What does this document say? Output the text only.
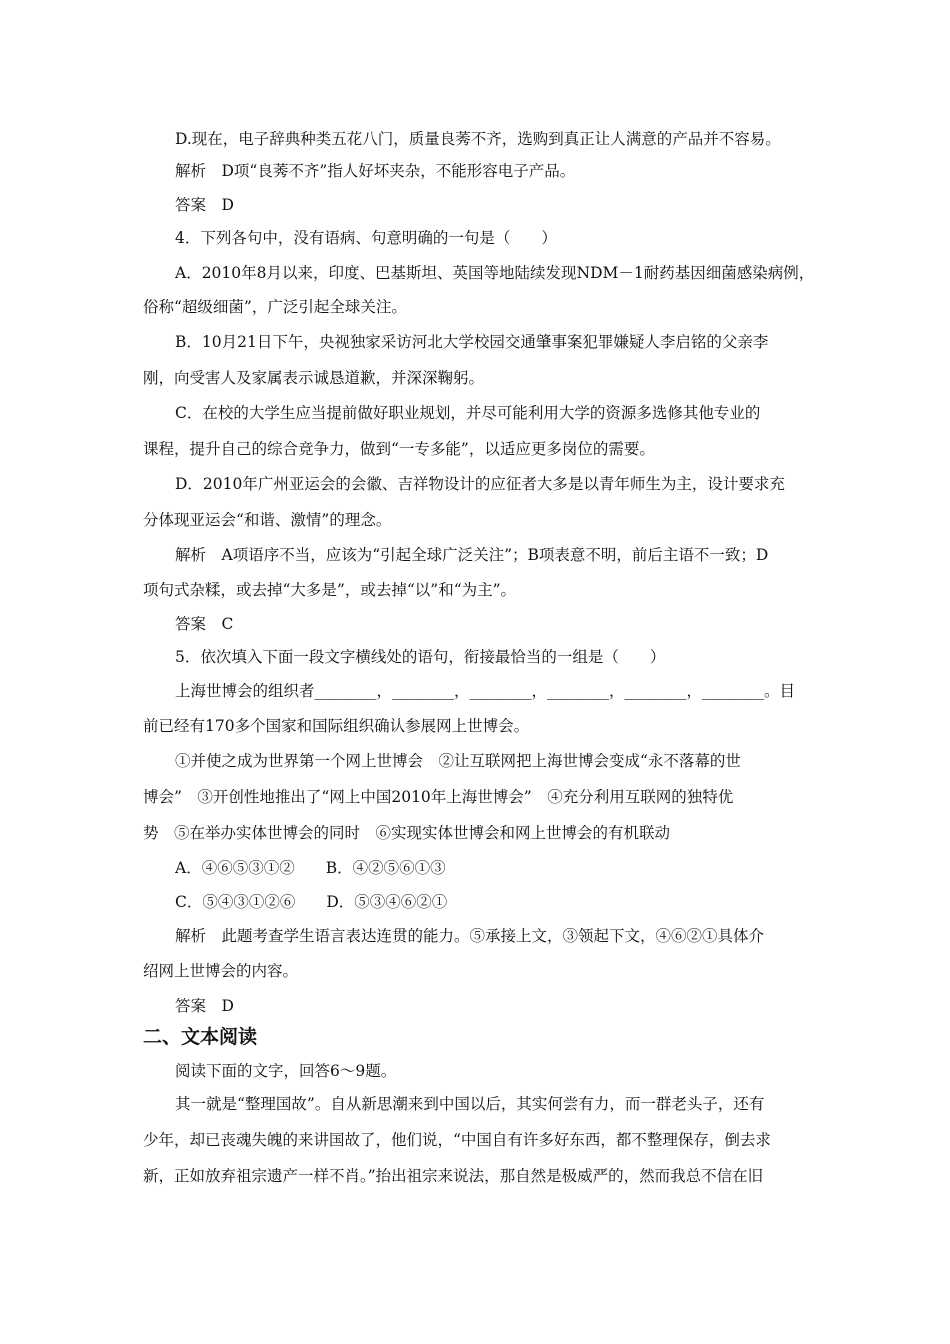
D.现在，电子辞典种类五花八门，质量良莠不齐，选购到真正让人满意的产品并不容易。
解析　D项“良莠不齐”指人好坏夹杂，不能形容电子产品。
答案　D
4．下列各句中，没有语病、句意明确的一句是（　　）
A．2010年8月以来，印度、巴基斯坦、英国等地陆续发现NDM－1耐药基因细菌感染病例，
俗称“超级细菌”，广泛引起全球关注。
B．10月21日下午，央视独家采访河北大学校园交通肇事案犯罪嫌疑人李启铭的父亲李
刚，向受害人及家属表示诚恳道歉，并深深鞠躬。
C．在校的大学生应当提前做好职业规划，并尽可能利用大学的资源多选修其他专业的
课程，提升自己的综合竞争力，做到“一专多能”，以适应更多岗位的需要。
D．2010年广州亚运会的会徽、吉祥物设计的应征者大多是以青年师生为主，设计要求充
分体现亚运会“和谐、激情”的理念。
解析　A项语序不当，应该为“引起全球广泛关注”；B项表意不明，前后主语不一致；D
项句式杂糅，或去掉“大多是”，或去掉“以”和“为主”。
答案　C
5．依次填入下面一段文字横线处的语句，衔接最恰当的一组是（　　）
上海世博会的组织者________，________，________，________，________，________。目
前已经有170多个国家和国际组织确认参展网上世博会。
①并使之成为世界第一个网上世博会　②让互联网把上海世博会变成“永不落幕的世
博会”　③开创性地推出了“网上中国2010年上海世博会”　④充分利用互联网的独特优
势　⑤在举办实体世博会的同时　⑥实现实体世博会和网上世博会的有机联动
A．④⑥⑤③①②　　B．④②⑤⑥①③
C．⑤④③①②⑥　　D．⑤③④⑥②①
解析　此题考查学生语言表达连贯的能力。⑤承接上文，③领起下文，④⑥②①具体介
绍网上世博会的内容。
答案　D
二、文本阅读
阅读下面的文字，回答6～9题。
其一就是“整理国故”。自从新思潮来到中国以后，其实何尝有力，而一群老头子，还有
少年，却已丧魂失魄的来讲国故了，他们说，“中国自有许多好东西，都不整理保存，倒去求
新，正如放弃祖宗遗产一样不肖。”抬出祖宗来说法，那自然是极威严的，然而我总不信在旧
